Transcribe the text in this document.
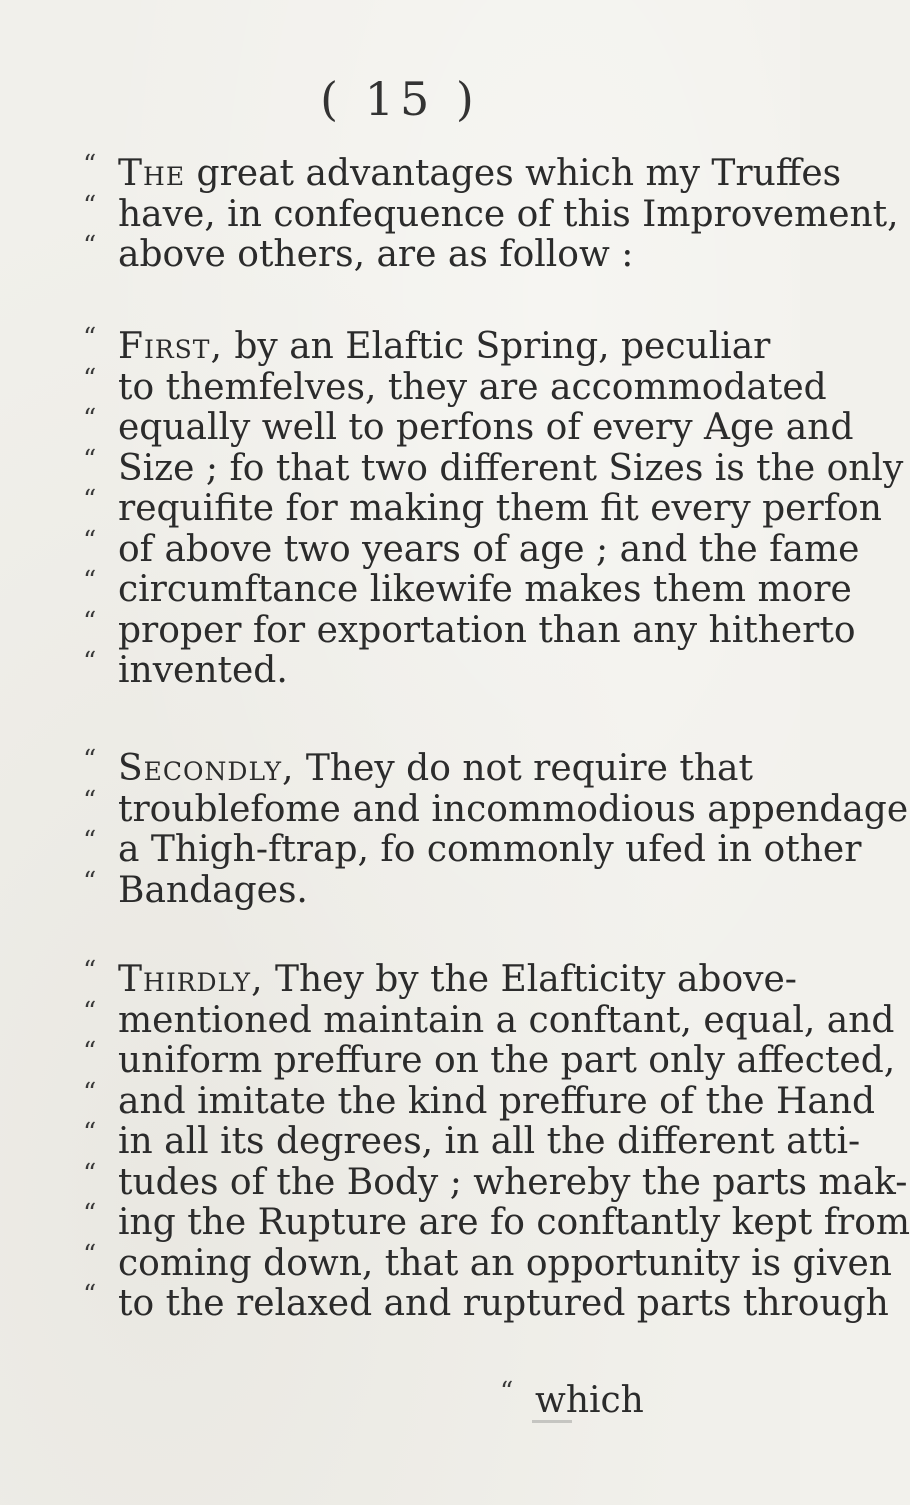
( 15 )
“ The great advantages which my Truffes
“ have, in confequence of this Improvement,
“ above others, are as follow :
“ First, by an Elaftic Spring, peculiar
“ to themfelves, they are accommodated
“ equally well to perfons of every Age and
“ Size ; fo that two different Sizes is the only
“ requifite for making them fit every perfon
“ of above two years of age ; and the fame
“ circumftance likewife makes them more
“ proper for exportation than any hitherto
“ invented.
“ Secondly, They do not require that
“ troublefome and incommodious appendage
“ a Thigh-ftrap, fo commonly ufed in other
“ Bandages.
“ Thirdly, They by the Elafticity above-
“ mentioned maintain a conftant, equal, and
“ uniform preffure on the part only affected,
“ and imitate the kind preffure of the Hand
“ in all its degrees, in all the different atti-
“ tudes of the Body ; whereby the parts mak-
“ ing the Rupture are fo conftantly kept from
“ coming down, that an opportunity is given
“ to the relaxed and ruptured parts through
“ which
